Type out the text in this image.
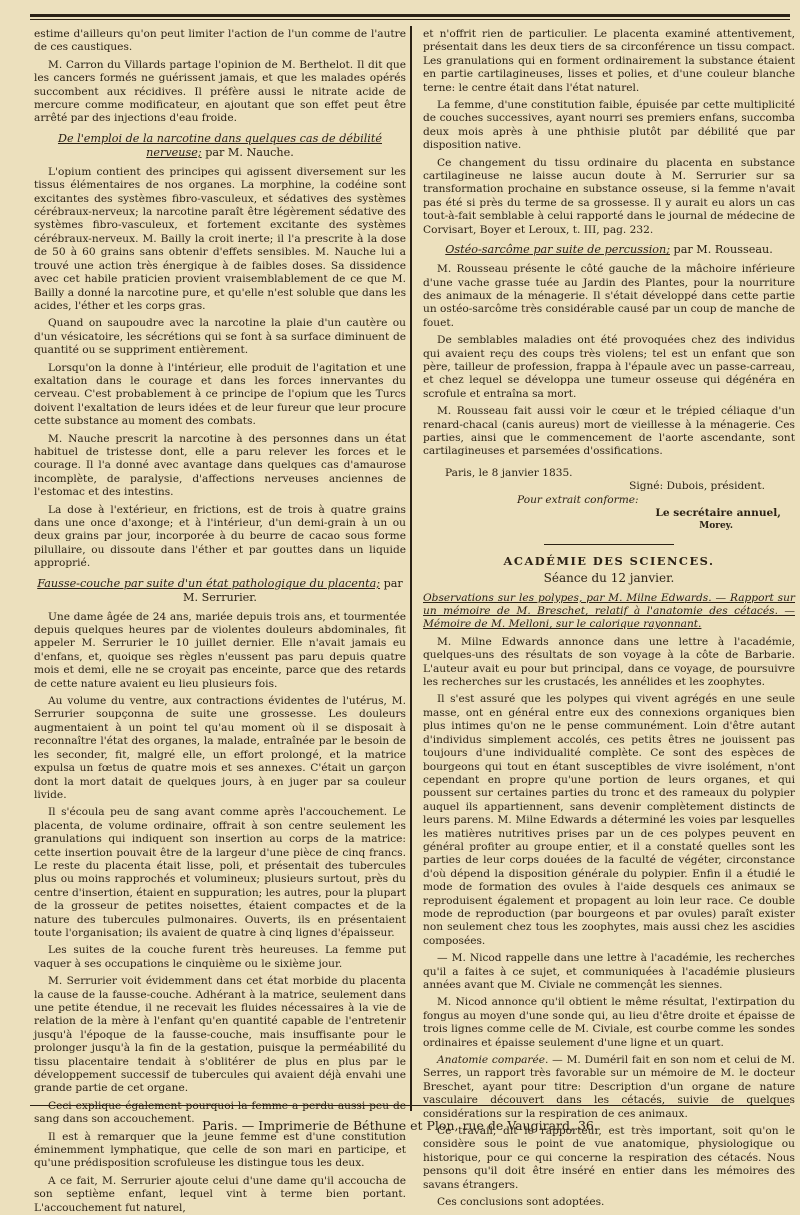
estime d'ailleurs qu'on peut limiter l'action de l'un comme de l'autre de ces caustiques.

M. Carron du Villards partage l'opinion de M. Berthelot. Il dit que les cancers formés ne guérissent jamais, et que les malades opérés succombent aux récidives. Il préfère aussi le nitrate acide de mercure comme modificateur, en ajoutant que son effet peut être arrêté par des injections d'eau froide.

De l'emploi de la narcotine dans quelques cas de débilité nerveuse; par M. Nauche.

L'opium contient des principes qui agissent diversement sur les tissus élémentaires de nos organes. La morphine, la codéine sont excitantes des systèmes fibro-vasculeux, et sédatives des systèmes cérébraux-nerveux; la narcotine paraît être légèrement sédative des systèmes fibro-vasculeux, et fortement excitante des systèmes cérébraux-nerveux. M. Bailly la croit inerte; il l'a prescrite à la dose de 50 à 60 grains sans obtenir d'effets sensibles. M. Nauche lui a trouvé une action très énergique à de faibles doses. Sa dissidence avec cet habile praticien provient vraisemblablement de ce que M. Bailly a donné la narcotine pure, et qu'elle n'est soluble que dans les acides, l'éther et les corps gras.

Quand on saupoudre avec la narcotine la plaie d'un cautère ou d'un vésicatoire, les sécrétions qui se font à sa surface diminuent de quantité ou se suppriment entièrement.

Lorsqu'on la donne à l'intérieur, elle produit de l'agitation et une exaltation dans le courage et dans les forces innervantes du cerveau. C'est probablement à ce principe de l'opium que les Turcs doivent l'exaltation de leurs idées et de leur fureur que leur procure cette substance au moment des combats.

M. Nauche prescrit la narcotine à des personnes dans un état habituel de tristesse dont, elle a paru relever les forces et le courage. Il l'a donné avec avantage dans quelques cas d'amaurose incomplète, de paralysie, d'affections nerveuses anciennes de l'estomac et des intestins.

La dose à l'extérieur, en frictions, est de trois à quatre grains dans une once d'axonge; et à l'intérieur, d'un demi-grain à un ou deux grains par jour, incorporée à du beurre de cacao sous forme pilullaire, ou dissoute dans l'éther et par gouttes dans un liquide approprié.

Fausse-couche par suite d'un état pathologique du placenta; par M. Serrurier.

Une dame âgée de 24 ans, mariée depuis trois ans, et tourmentée depuis quelques heures par de violentes douleurs abdominales, fit appeler M. Serrurier le 10 juillet dernier. Elle n'avait jamais eu d'enfans, et, quoique ses règles n'eussent pas paru depuis quatre mois et demi, elle ne se croyait pas enceinte, parce que des retards de cette nature avaient eu lieu plusieurs fois.

Au volume du ventre, aux contractions évidentes de l'utérus, M. Serrurier soupçonna de suite une grossesse. Les douleurs augmentaient à un point tel qu'au moment où il se disposait à reconnaître l'état des organes, la malade, entraînée par le besoin de les seconder, fit, malgré elle, un effort prolongé, et la matrice expulsa un fœtus de quatre mois et ses annexes. C'était un garçon dont la mort datait de quelques jours, à en juger par sa couleur livide.

Il s'écoula peu de sang avant comme après l'accouchement. Le placenta, de volume ordinaire, offrait à son centre seulement les granulations qui indiquent son insertion au corps de la matrice: cette insertion pouvait être de la largeur d'une pièce de cinq francs. Le reste du placenta était lisse, poli, et présentait des tubercules plus ou moins rapprochés et volumineux; plusieurs surtout, près du centre d'insertion, étaient en suppuration; les autres, pour la plupart de la grosseur de petites noisettes, étaient compactes et de la nature des tubercules pulmonaires. Ouverts, ils en présentaient toute l'organisation; ils avaient de quatre à cinq lignes d'épaisseur.

Les suites de la couche furent très heureuses. La femme put vaquer à ses occupations le cinquième ou le sixième jour.

M. Serrurier voit évidemment dans cet état morbide du placenta la cause de la fausse-couche. Adhérant à la matrice, seulement dans une petite étendue, il ne recevait les fluides nécessaires à la vie de relation de la mère à l'enfant qu'en quantité capable de l'entretenir jusqu'à l'époque de la fausse-couche, mais insuffisante pour le prolonger jusqu'à la fin de la gestation, puisque la perméabilité du tissu placentaire tendait à s'oblitérer de plus en plus par le développement successif de tubercules qui avaient déjà envahi une grande partie de cet organe.

Ceci explique également pourquoi la femme a perdu aussi peu de sang dans son accouchement.

Il est à remarquer que la jeune femme est d'une constitution éminemment lymphatique, que celle de son mari en participe, et qu'une prédisposition scrofuleuse les distingue tous les deux.

A ce fait, M. Serrurier ajoute celui d'une dame qu'il accoucha de son septième enfant, lequel vint à terme bien portant. L'accouchement fut naturel,

et n'offrit rien de particulier. Le placenta examiné attentivement, présentait dans les deux tiers de sa circonférence un tissu compact. Les granulations qui en forment ordinairement la substance étaient en partie cartilagineuses, lisses et polies, et d'une couleur blanche terne: le centre était dans l'état naturel.

La femme, d'une constitution faible, épuisée par cette multiplicité de couches successives, ayant nourri ses premiers enfans, succomba deux mois après à une phthisie plutôt par débilité que par disposition native.

Ce changement du tissu ordinaire du placenta en substance cartilagineuse ne laisse aucun doute à M. Serrurier sur sa transformation prochaine en substance osseuse, si la femme n'avait pas été si près du terme de sa grossesse. Il y aurait eu alors un cas tout-à-fait semblable à celui rapporté dans le journal de médecine de Corvisart, Boyer et Leroux, t. III, pag. 232.

Ostéo-sarcôme par suite de percussion; par M. Rousseau.

M. Rousseau présente le côté gauche de la mâchoire inférieure d'une vache grasse tuée au Jardin des Plantes, pour la nourriture des animaux de la ménagerie. Il s'était développé dans cette partie un ostéo-sarcôme très considérable causé par un coup de manche de fouet.

De semblables maladies ont été provoquées chez des individus qui avaient reçu des coups très violens; tel est un enfant que son père, tailleur de profession, frappa à l'épaule avec un passe-carreau, et chez lequel se développa une tumeur osseuse qui dégénéra en scrofule et entraîna sa mort.

M. Rousseau fait aussi voir le cœur et le trépied céliaque d'un renard-chacal (canis aureus) mort de vieillesse à la ménagerie. Ces parties, ainsi que le commencement de l'aorte ascendante, sont cartilagineuses et parsemées d'ossifications.

Paris, le 8 janvier 1835.

Signé: Dubois, président.

Pour extrait conforme:

Le secrétaire annuel,

Morey.

ACADÉMIE DES SCIENCES.
Séance du 12 janvier.

Observations sur les polypes, par M. Milne Edwards. — Rapport sur un mémoire de M. Breschet, relatif à l'anatomie des cétacés. — Mémoire de M. Melloni, sur le calorique rayonnant.

M. Milne Edwards annonce dans une lettre à l'académie, quelques-uns des résultats de son voyage à la côte de Barbarie. L'auteur avait eu pour but principal, dans ce voyage, de poursuivre les recherches sur les crustacés, les annélides et les zoophytes.

Il s'est assuré que les polypes qui vivent agrégés en une seule masse, ont en général entre eux des connexions organiques bien plus intimes qu'on ne le pense communément. Loin d'être autant d'individus simplement accolés, ces petits êtres ne jouissent pas toujours d'une individualité complète. Ce sont des espèces de bourgeons qui tout en étant susceptibles de vivre isolément, n'ont cependant en propre qu'une portion de leurs organes, et qui poussent sur certaines parties du tronc et des rameaux du polypier auquel ils appartiennent, sans devenir complètement distincts de leurs parens. M. Milne Edwards a déterminé les voies par lesquelles les matières nutritives prises par un de ces polypes peuvent en général profiter au groupe entier, et il a constaté quelles sont les parties de leur corps douées de la faculté de végéter, circonstance d'où dépend la disposition générale du polypier. Enfin il a étudié le mode de formation des ovules à l'aide desquels ces animaux se reproduisent également et propagent au loin leur race. Ce double mode de reproduction (par bourgeons et par ovules) paraît exister non seulement chez tous les zoophytes, mais aussi chez les ascidies composées.

— M. Nicod rappelle dans une lettre à l'académie, les recherches qu'il a faites à ce sujet, et communiquées à l'académie plusieurs années avant que M. Civiale ne commençât les siennes.

M. Nicod annonce qu'il obtient le même résultat, l'extirpation du fongus au moyen d'une sonde qui, au lieu d'être droite et épaisse de trois lignes comme celle de M. Civiale, est courbe comme les sondes ordinaires et épaisse seulement d'une ligne et un quart.

Anatomie comparée. — M. Duméril fait en son nom et celui de M. Serres, un rapport très favorable sur un mémoire de M. le docteur Breschet, ayant pour titre: Description d'un organe de nature vasculaire découvert dans les cétacés, suivie de quelques considérations sur la respiration de ces animaux.

Ce travail, dit le rapporteur, est très important, soit qu'on le considère sous le point de vue anatomique, physiologique ou historique, pour ce qui concerne la respiration des cétacés. Nous pensons qu'il doit être inséré en entier dans les mémoires des savans étrangers.

Ces conclusions sont adoptées.

Paris. — Imprimerie de Béthune et Plon, rue de Vaugirard, 36.
